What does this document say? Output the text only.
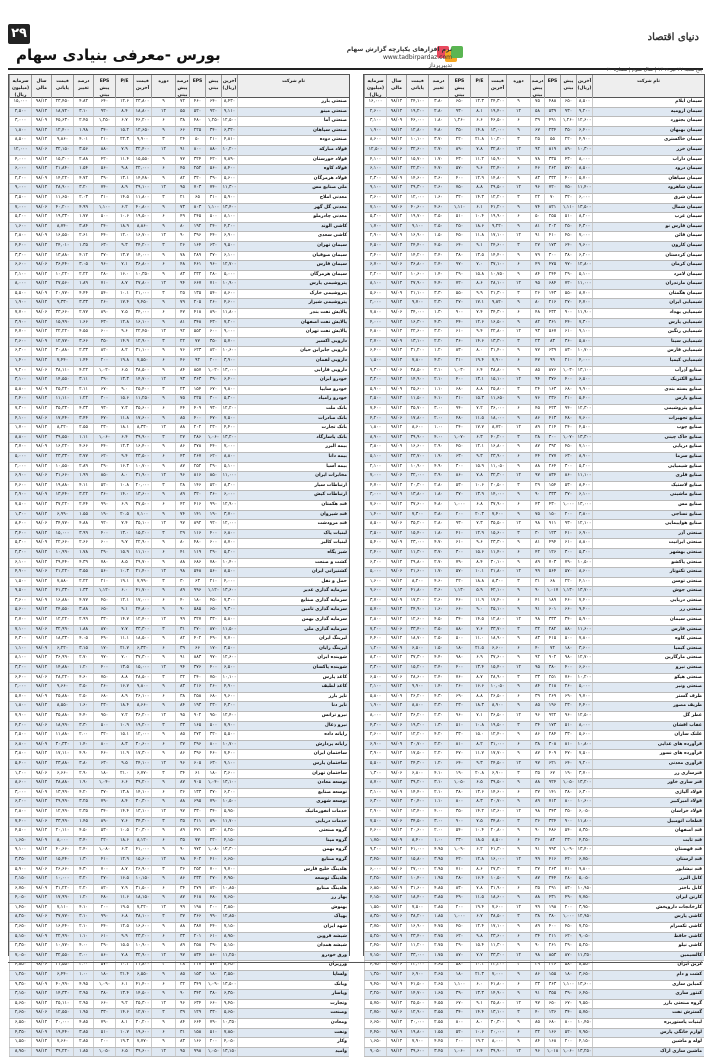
۲۹	دنیای اقتصاد
نرم افزارهای یکپارچه گزارش سهام
www.tadbirpardaz.com
تدبیرپرداز
بورس -معرفی بنیادی سهام
پنج شنبه ۲۷ تیر ۱۳۹۹ | سال سوم | شماره ۲۰
سرمایه (میلیون ریال)
سال مالی
قیمت پایانی
درصد تغییر
EPS پیش بینی
P/E	قیمت آخرین
دوره	درصد پیش بینی
EPS	پیش بینی
آخرین (ریال)
نام شرکت
۱۵,۰۰۰	۹۸/۱۲	۲۳,۴۵۰	۴.۸۲	۶۴۰	۱۲.۶	۲۳,۸۰۰	۹	۷۲	۴۶۰	۶۴۰	۸,۴۳۰	صنعتی بارز
۲,۵۰۰	۹۸/۱۲	۱۸,۷۲۰	۳.۱۰	۹۲۰	۸.۴	۱۸,۸۰۰	۱۲	۵۵	۵۲۰	۹۲۰	۹,۱۱۰	صنعتی مینو
۳,۰۰۰	۹۸/۰۹	۴۵,۶۳۰	۲.۴۵	۱,۲۵۰	۶.۷	۴۶,۲۰۰	۶	۳۸	۴۸۰	۱,۲۵۰ ۱۲,۵۰۰	صنعتی آما
۱,۸۰۰	۹۸/۱۲	۱۲,۴۰۰	۱.۹۸	۳۴۰	۱۵.۲	۱۲,۶۵۰	۹	۶۶	۲۲۵	۳۴۰	۶,۳۲۰	صنعتی سپاهان
۸,۵۰۰	۹۸/۱۲	۹,۸۶۰	۴.۰۱	۲۱۰	۲۲.۳	۹,۹۰۰	۳	۲۴	۵۰	۲۱۰	۴,۸۱۰	صنعتی دوده
۱۲,۰۰۰	۹۸/۰۶	۳۲,۱۵۰	۳.۵۶	۸۸۰	۷.۹	۳۲,۴۰۰	۱۲	۹۱	۸۰۰	۸۸۰	۱۰,۲۰۰	فولاد مبارکه
۴,۰۰۰	۹۸/۱۲	۱۵,۳۰۰	۲.۸۸	۴۲۰	۱۱.۴	۱۵,۵۵۰	۹	۷۷	۳۲۴	۴۲۰	۷,۸۹۰	فولاد خوزستان
۶,۰۰۰	۹۸/۱۲	۲۱,۸۴۰	۱.۵۴	۵۶۰	۹.۸	۲۲,۰۰۰	۶	۴۵	۲۵۲	۵۶۰	۸,۴۰۰	فولاد کاوه
۲,۲۰۰	۹۸/۰۹	۱۴,۲۲۰	۴.۷۲	۳۹۰	۱۳.۱	۱۴,۴۸۰	۹	۸۲	۳۲۰	۳۹۰	۵,۶۰۰	فولاد هرمزگان
۹,۰۰۰	۹۸/۱۲	۲۸,۹۰۰	۳.۲۰	۷۴۰	۸.۹	۲۹,۱۰۰	۱۲	۹۵	۷۰۳	۷۴۰	۱۱,۳۰۰	ملی صنایع مس
۳,۵۰۰	۹۸/۱۲	۱۱,۶۵۰	۲.۰۳	۳۱۰	۱۴.۵	۱۱,۸۰۰	۳	۲۱	۶۵	۳۱۰	۵,۹۰۰	معدنی املاح
۷,۰۰۰	۹۸/۰۶	۴۰,۲۰۰	۴.۹۹	۱,۱۰۰	۶.۲	۴۰,۸۰۰	۹	۷۳	۸۰۳	۱,۱۰۰ ۱۳,۴۰۰	معدنی گل گهر
۵,۲۰۰	۹۸/۱۲	۱۹,۳۳۰	۱.۷۷	۵۰۰	۱۰.۶	۱۹,۵۰۰	۶	۴۹	۲۴۵	۵۰۰	۸,۱۰۰	معدنی چادرملو
۱,۶۰۰	۹۸/۱۲	۸,۷۴۰	۳.۸۴	۲۴۰	۱۸.۹	۸,۸۶۰	۹	۸۰	۱۹۲	۲۴۰	۴,۲۰۰	کاشی الوند
۲,۸۰۰	۹۸/۰۹	۱۶,۵۵۰	۲.۶۱	۴۴۰	۱۲.۰	۱۶,۷۰۰	۱۲	۹۰	۳۹۶	۴۴۰	۶,۹۰۰	کاشی سعدی
۴,۴۰۰	۹۸/۱۲	۲۴,۰۱۰	۱.۳۵	۶۳۰	۹.۳	۲۴,۲۰۰	۳	۲۶	۱۶۴	۶۳۰	۹,۵۰۰	سیمان تهران
۳,۳۰۰	۹۸/۱۲	۱۳,۸۸۰	۴.۱۲	۳۷۰	۱۳.۷	۱۴,۰۰۰	۹	۷۸	۲۸۹	۳۷۰	۶,۱۰۰	سیمان صوفیان
۶,۶۰۰	۹۸/۰۶	۳۶,۴۴۰	۳.۰۵	۹۶۰	۷.۱	۳۶,۸۰۰	۶	۴۸	۴۶۱	۹۶۰	۱۲,۷۰۰	سیمان فارس
۲,۱۰۰	۹۸/۱۲	۱۰,۲۲۰	۲.۲۲	۲۸۰	۱۶.۰	۱۰,۳۵۰	۹	۸۳	۲۳۲	۲۸۰	۵,۰۰۰	سیمان هرمزگان
۸,۰۰۰	۹۸/۱۲	۲۷,۵۶۰	۱.۸۹	۷۱۰	۸.۷	۲۷,۸۰۰	۱۲	۹۴	۶۶۷	۷۱۰	۱۰,۹۰۰	پتروشیمی پارس
۵,۵۰۰	۹۸/۰۹	۲۰,۷۷۰	۴.۴۴	۵۴۰	۱۰.۱	۲۱,۰۰۰	۳	۲۵	۱۳۵	۵۴۰	۸,۶۰۰	پتروشیمی خارک
۱,۹۰۰	۹۸/۱۲	۹,۳۳۰	۳.۳۳	۲۶۰	۱۷.۴	۹,۴۵۰	۹	۷۹	۲۰۵	۲۶۰	۴,۶۰۰	پتروشیمی شیراز
۷,۷۰۰	۹۸/۰۶	۳۳,۶۶۰	۲.۷۷	۸۹۰	۷.۵	۳۴,۰۰۰	۶	۴۷	۴۱۸	۸۹۰	۱۱,۸۰۰	پالایش نفت بندر
۳,۹۰۰	۹۸/۱۲	۱۵,۹۹۰	۱.۶۶	۴۳۰	۱۲.۸	۱۶,۱۰۰	۹	۸۱	۳۴۸	۴۳۰	۷,۲۰۰	پالایش نفت اصفهان
۴,۷۰۰	۹۸/۱۲	۲۲,۲۲۰	۴.۵۵	۶۰۰	۹.۶	۲۲,۴۵۰	۱۲	۹۲	۵۵۲	۶۰۰	۹,۰۰۰	پالایش نفت تهران
۲,۶۰۰	۹۸/۰۹	۱۲,۷۷۰	۳.۶۶	۳۵۰	۱۴.۹	۱۲,۹۰۰	۳	۲۲	۷۷	۳۵۰	۵,۷۰۰	دارویی اکسیر
۶,۳۰۰	۹۸/۱۲	۳۰,۸۸۰	۲.۳۳	۸۲۰	۸.۲	۳۱,۱۰۰	۹	۷۶	۶۲۳	۸۲۰	۱۰,۶۰۰	دارویی جابرابن حیان
۱,۴۰۰	۹۸/۱۲	۷,۴۴۰	۱.۴۴	۲۰۰	۱۹.۸	۷,۵۵۰	۶	۴۶	۹۲	۲۰۰	۳,۹۰۰	دارویی لقمان
۹,۲۰۰	۹۸/۰۶	۳۸,۱۱۰	۴.۲۲	۱,۰۲۰	۶.۵	۳۸,۵۰۰	۹	۸۴	۸۵۷	۱,۰۲۰ ۱۳,۰۰۰	دارویی فارابی
۳,۱۰۰	۹۸/۱۲	۱۴,۵۵۰	۳.۱۱	۳۹۰	۱۳.۳	۱۴,۷۰۰	۱۲	۹۳	۳۶۳	۳۹۰	۶,۴۰۰	خودرو ایران
۵,۸۰۰	۹۸/۰۹	۲۵,۲۲۰	۲.۱۱	۶۷۰	۹.۰	۲۵,۴۰۰	۳	۲۳	۱۵۴	۶۷۰	۹,۸۰۰	خودرو سایپا
۲,۴۰۰	۹۸/۱۲	۱۱,۱۱۰	۱.۲۲	۳۰۰	۱۵.۶	۱۱,۲۵۰	۹	۷۵	۲۲۵	۳۰۰	۵,۳۰۰	خودرو زامیاد
۷,۳۰۰	۹۸/۱۲	۳۵,۳۳۰	۴.۳۳	۹۳۰	۷.۳	۳۵,۶۰۰	۶	۴۴	۴۰۹	۹۳۰	۱۲,۲۰۰	بانک ملت
۴,۱۰۰	۹۸/۰۶	۱۷,۴۴۰	۳.۴۴	۴۷۰	۱۱.۸	۱۷,۶۰۰	۹	۸۵	۴۰۰	۴۷۰	۷,۵۰۰	بانک صادرات
۱,۷۰۰	۹۸/۱۲	۸,۲۲۰	۲.۵۵	۲۳۰	۱۸.۱	۸,۳۳۰	۱۲	۸۸	۲۰۲	۲۳۰	۴,۴۰۰	بانک تجارت
۸,۸۰۰	۹۸/۱۲	۳۹,۵۵۰	۱.۱۱	۱,۰۶۰	۶.۴	۳۹,۹۰۰	۳	۲۷	۲۸۶	۱,۰۶۰ ۱۳,۲۰۰	بانک پاسارگاد
۳,۷۰۰	۹۸/۰۹	۱۶,۲۲۰	۴.۶۶	۴۴۰	۱۲.۳	۱۶,۴۰۰	۹	۸۶	۳۷۸	۴۴۰	۷,۰۰۰	بیمه البرز
۵,۰۰۰	۹۸/۱۲	۲۳,۳۳۰	۳.۷۷	۶۲۰	۹.۴	۲۳,۵۰۰	۶	۴۳	۲۶۷	۶۲۰	۸,۸۰۰	بیمه دانا
۲,۰۰۰	۹۸/۱۲	۱۰,۵۵۰	۲.۸۹	۲۹۰	۱۶.۳	۱۰,۷۰۰	۹	۸۷	۲۵۲	۲۹۰	۵,۱۰۰	بیمه آسیا
۶,۹۰۰	۹۸/۰۶	۳۱,۶۶۰	۱.۹۹	۸۵۰	۸.۰	۳۱,۹۰۰	۱۲	۹۶	۸۱۶	۸۵۰	۱۱,۰۰۰	مخابرات ایران
۴,۶۰۰	۹۸/۱۲	۱۹,۸۸۰	۴.۱۱	۵۲۰	۱۰.۸	۲۰,۰۰۰	۳	۲۸	۱۴۶	۵۲۰	۸,۳۰۰	ارتباطات سیار
۲,۹۰۰	۹۸/۰۹	۱۳,۴۴۰	۳.۲۲	۳۶۰	۱۴.۰	۱۳,۶۰۰	۹	۸۹	۳۲۰	۳۶۰	۶,۰۰۰	ارتباطات کیش
۷,۵۰۰	۹۸/۱۲	۳۷,۲۲۰	۲.۴۴	۹۹۰	۶.۹	۳۷,۵۰۰	۶	۴۲	۴۱۶	۹۹۰	۱۲,۹۰۰	قند هکمتان
۱,۳۰۰	۹۸/۱۲	۶,۹۹۰	۱.۵۵	۱۹۰	۲۰.۵	۷,۱۰۰	۹	۷۴	۱۴۱	۱۹۰	۳,۷۰۰	قند شیروان
۸,۴۰۰	۹۸/۰۶	۳۴,۷۷۰	۴.۸۸	۹۲۰	۷.۴	۳۵,۱۰۰	۱۲	۹۷	۸۹۲	۹۲۰	۱۲,۰۰۰	قند مرودشت
۳,۴۰۰	۹۸/۱۲	۱۵,۰۰۰	۳.۹۹	۴۰۰	۱۳.۰	۱۵,۲۰۰	۳	۲۹	۱۱۶	۴۰۰	۶,۸۰۰	لبنیات پاک
۵,۳۰۰	۹۸/۰۹	۲۲,۶۶۰	۲.۶۶	۶۰۰	۹.۷	۲۲,۹۰۰	۹	۸۰	۴۸۰	۶۰۰	۸,۷۰۰	لبنیات کالبر
۲,۳۰۰	۹۸/۱۲	۱۰,۹۹۰	۱.۷۸	۲۹۰	۱۵.۹	۱۱,۱۰۰	۶	۴۱	۱۱۹	۲۹۰	۵,۲۰۰	شیر پگاه
۶,۱۰۰	۹۸/۱۲	۲۹,۴۴۰	۴.۳۹	۷۸۰	۸.۵	۲۹,۷۰۰	۹	۸۸	۶۸۶	۷۸۰	۱۰,۴۰۰	کشت و صنعت
۴,۹۰۰	۹۸/۰۶	۲۱,۲۲۰	۳.۵۵	۵۶۰	۱۰.۳	۲۱,۴۰۰	۱۲	۹۸	۵۴۸	۵۶۰	۸,۵۰۰	کشتیرانی ایران
۱,۵۰۰	۹۸/۱۲	۷,۸۸۰	۲.۲۲	۲۱۰	۱۹.۱	۷,۹۹۰	۳	۳۰	۶۳	۲۱۰	۴,۰۰۰	حمل و نقل
۹,۵۰۰	۹۸/۱۲	۴۱,۳۳۰	۱.۳۳	۱,۱۲۰	۶.۰	۴۱,۷۰۰	۹	۸۹	۹۹۶	۱,۱۲۰ ۱۳,۶۰۰	سرمایه گذاری غدیر
۳,۶۰۰	۹۸/۰۹	۱۶,۸۸۰	۴.۷۷	۴۵۰	۱۲.۱	۱۷,۰۰۰	۶	۴۰	۱۸۰	۴۵۰	۷,۳۰۰	سرمایه گذاری صنایع
۵,۶۰۰	۹۸/۱۲	۲۴,۵۵۰	۳.۸۸	۶۵۰	۹.۱	۲۴,۸۰۰	۹	۹۰	۵۸۵	۶۵۰	۹,۳۰۰	سرمایه گذاری تامین
۲,۷۰۰	۹۸/۱۲	۱۲,۲۲۰	۲.۹۹	۳۳۰	۱۴.۷	۱۲,۴۰۰	۱۲	۹۹	۳۲۷	۳۳۰	۵,۸۰۰	سرمایه گذاری بهمن
۷,۱۰۰	۹۸/۰۶	۳۲,۹۹۰	۱.۸۸	۸۷۰	۷.۷	۳۳,۳۰۰	۳	۳۱	۲۷۰	۸۷۰	۱۱,۵۰۰	سرمایه گذاری ملی
۴,۳۰۰	۹۸/۱۲	۱۸,۳۳۰	۴.۰۵	۴۹۰	۱۱.۱	۱۸,۵۰۰	۹	۸۲	۴۰۲	۴۹۰	۷,۷۰۰	لیزینگ ایران
۱,۱۰۰	۹۸/۰۹	۶,۲۲۰	۳.۱۵	۱۷۰	۲۱.۷	۶,۳۳۰	۶	۳۹	۶۶	۱۷۰	۳,۵۰۰	لیزینگ رایان
۸,۱۰۰	۹۸/۱۲	۳۶,۹۹۰	۲.۷۰	۹۷۰	۷.۰	۳۷,۳۰۰	۹	۹۱	۸۸۳	۹۷۰	۱۲,۶۰۰	شوینده ایران
۳,۲۰۰	۹۸/۱۲	۱۴,۸۸۰	۱.۲۰	۴۰۰	۱۳.۵	۱۵,۰۰۰	۱۲	۹۴	۳۷۶	۴۰۰	۶,۵۰۰	شوینده پاکسان
۶,۴۰۰	۹۸/۰۶	۲۸,۲۲۰	۴.۶۰	۷۵۰	۸.۸	۲۸,۵۰۰	۳	۳۲	۲۴۰	۷۵۰	۱۰,۱۰۰	کاغذ پارس
۲,۰۰۰	۹۸/۱۲	۹,۶۶۰	۳.۵۰	۲۶۰	۱۶.۷	۹,۸۰۰	۹	۸۳	۲۱۶	۲۶۰	۴,۹۰۰	کاغذ لطیف
۵,۷۰۰	۹۸/۰۹	۲۵,۸۸۰	۲.۵۰	۶۸۰	۸.۹	۲۶,۱۰۰	۶	۳۸	۲۵۸	۶۸۰	۹,۶۰۰	تایر بارز
۱,۸۰۰	۹۸/۱۲	۸,۵۵۰	۱.۶۰	۲۳۰	۱۸.۴	۸,۶۶۰	۹	۸۴	۱۹۳	۲۳۰	۴,۳۰۰	تایر دنا
۷,۹۰۰	۹۸/۱۲	۳۵,۸۸۰	۴.۴۰	۹۵۰	۷.۲	۳۶,۲۰۰	۱۲	۹۵	۹۰۲	۹۵۰	۱۲,۴۰۰	نیرو ترانس
۴,۲۰۰	۹۸/۰۶	۱۸,۹۹۰	۳.۳۰	۵۰۰	۱۰.۹	۱۹,۲۰۰	۳	۳۳	۱۶۵	۵۰۰	۷,۹۰۰	نیرو ذغال
۲,۵۰۰	۹۸/۱۲	۱۱,۸۸۰	۲.۰۰	۳۲۰	۱۵.۱	۱۲,۰۰۰	۹	۸۵	۲۷۲	۳۲۰	۵,۵۰۰	رایانه داده
۶,۸۰۰	۹۸/۰۹	۳۰,۳۳۰	۱.۴۰	۸۰۰	۸.۳	۳۰,۶۰۰	۶	۳۷	۲۹۶	۸۰۰	۱۰,۷۰۰	رایانه پردازش
۳,۸۰۰	۹۸/۱۲	۱۷,۱۱۰	۴.۹۰	۴۶۰	۱۱.۹	۱۷,۳۰۰	۹	۸۶	۳۹۶	۴۶۰	۷,۴۰۰	ساختمان ایران
۵,۴۰۰	۹۸/۱۲	۲۳,۸۸۰	۳.۸۰	۶۳۰	۹.۵	۲۴,۱۰۰	۱۲	۹۶	۶۰۵	۶۳۰	۹,۱۰۰	ساختمان پارس
۱,۲۰۰	۹۸/۰۶	۶,۶۶۰	۲.۹۰	۱۸۰	۲۱.۰	۶,۷۷۰	۳	۳۴	۶۱	۱۸۰	۳,۶۰۰	ساختمان تهران
۸,۶۰۰	۹۸/۱۲	۳۸,۸۸۰	۱.۹۰	۱,۰۴۰	۶.۶	۳۹,۲۰۰	۹	۸۷	۹۰۵	۱,۰۴۰ ۱۳,۱۰۰	توسعه معادن
۳,۰۰۰	۹۸/۰۹	۱۳,۹۹۰	۴.۲۰	۳۷۰	۱۳.۸	۱۴,۱۰۰	۶	۳۶	۱۳۳	۳۷۰	۶,۲۰۰	توسعه صنایع
۶,۲۰۰	۹۸/۱۲	۲۹,۹۹۰	۳.۲۵	۷۹۰	۸.۴	۳۰,۳۰۰	۹	۸۸	۶۹۵	۷۹۰	۱۰,۵۰۰	توسعه شهری
۲,۸۰۰	۹۸/۱۲	۱۲,۹۹۰	۲.۳۵	۳۴۰	۱۴.۴	۱۳,۱۰۰	۱۲	۹۷	۳۳۰	۳۴۰	۵,۹۵۰	خدمات انفورماتیک
۷,۴۰۰	۹۸/۰۶	۳۳,۹۹۰	۱.۴۵	۸۹۰	۷.۶	۳۴,۳۰۰	۳	۳۵	۳۱۱	۸۹۰	۱۱,۷۰۰	خدمات دریایی
۴,۵۰۰	۹۸/۱۲	۲۰,۱۱۰	۴.۵۰	۵۳۰	۱۰.۵	۲۰,۳۰۰	۹	۸۹	۴۷۱	۵۳۰	۸,۲۵۰	گروه صنعتی
۱,۶۵۰	۹۸/۰۹	۸,۰۰۰	۳.۴۰	۲۲۰	۱۸.۶	۸,۱۲۰	۶	۳۵	۷۷	۲۲۰	۴,۱۵۰	گروه مپنا
۹,۱۰۰	۹۸/۱۲	۴۰,۶۶۰	۲.۴۰	۱,۰۸۰	۶.۳	۴۱,۰۰۰	۹	۹۰	۹۷۲	۱,۰۸۰ ۱۳,۳۰۰	گروه بهمن
۳,۳۵۰	۹۸/۱۲	۱۵,۴۴۰	۱.۳۰	۴۱۰	۱۲.۹	۱۵,۶۰۰	۱۲	۹۸	۴۰۲	۴۱۰	۶,۶۵۰	گروه صنایع
۵,۹۰۰	۹۸/۰۶	۲۶,۶۶۰	۴.۳۰	۷۰۰	۸.۷	۲۶,۹۰۰	۳	۳۶	۲۵۲	۷۰۰	۹,۷۰۰	هلدینگ خلیج فارس
۲,۱۵۰	۹۸/۱۲	۱۰,۰۰۰	۳.۲۰	۲۷۰	۱۶.۵	۱۰,۱۵۰	۹	۸۶	۲۳۲	۲۷۰	۴,۹۵۰	هلدینگ توسعه
۶,۷۵۰	۹۸/۰۹	۳۱,۲۲۰	۲.۲۰	۸۲۰	۷.۹	۳۱,۵۰۰	۶	۳۴	۲۷۹	۸۲۰	۱۰,۸۵۰	هلدینگ صنایع
۴,۰۵۰	۹۸/۱۲	۱۷,۹۹۰	۱.۲۰	۴۸۰	۱۱.۶	۱۸,۱۵۰	۹	۸۷	۴۱۸	۴۸۰	۷,۶۵۰	بهار رز
۱,۴۵۰	۹۸/۱۲	۷,۱۱۰	۴.۱۰	۲۰۰	۱۹.۵	۷,۲۲۰	۱۲	۹۹	۱۹۸	۲۰۰	۳,۸۵۰	بهنوش
۸,۲۵۰	۹۸/۰۶	۳۷,۷۷۰	۳.۱۰	۹۹۰	۶.۸	۳۸,۱۰۰	۳	۳۷	۳۶۶	۹۹۰	۱۲,۸۵۰	بهپاک
۳,۶۵۰	۹۸/۱۲	۱۶,۴۴۰	۲.۱۰	۴۴۰	۱۲.۵	۱۶,۶۰۰	۹	۸۸	۳۸۷	۴۴۰	۷,۱۵۰	شهد ایران
۵,۱۵۰	۹۸/۰۹	۲۲,۹۹۰	۱.۱۰	۶۱۰	۹.۹	۲۳,۲۰۰	۶	۳۳	۲۰۱	۶۱۰	۸,۹۵۰	شیشه قزوین
۲,۳۵۰	۹۸/۱۲	۱۰,۷۷۰	۴.۰۰	۲۹۰	۱۵.۵	۱۰,۹۰۰	۹	۸۹	۲۵۸	۲۹۰	۵,۱۵۰	شیشه همدان
۷,۰۵۰	۹۸/۱۲	۳۲,۵۵۰	۳.۰۰	۸۶۰	۷.۸	۳۲,۹۰۰	۱۲	۹۷	۸۳۴	۸۶۰	۱۱,۲۵۰	ورق خودرو
۴,۸۵۰	۹۸/۰۶	۲۱,۵۵۰	۲.۰۰	۵۷۰	۱۰.۲	۲۱,۸۰۰	۳	۳۸	۲۱۷	۵۷۰	۸,۴۵۰	ورزیران
۱,۲۵۰	۹۸/۱۲	۶,۴۴۰	۱.۰۰	۱۸۰	۲۱.۴	۶,۵۵۰	۹	۸۵	۱۵۳	۱۸۰	۳,۵۵۰	ولساپا
۹,۳۵۰	۹۸/۰۹	۴۰,۹۹۰	۴.۹۵	۱,۰۹۰	۶.۱	۴۱,۴۰۰	۶	۳۲	۳۴۹	۱,۰۹۰ ۱۳,۵۰۰	وبانک
۳,۱۵۰	۹۸/۱۲	۱۴,۳۳۰	۳.۹۵	۳۸۰	۱۳.۴	۱۴,۵۰۰	۹	۹۰	۳۴۲	۳۸۰	۶,۳۵۰	وپاسار
۵,۶۵۰	۹۸/۱۲	۲۵,۱۱۰	۲.۹۵	۶۶۰	۹.۲	۲۵,۳۰۰	۱۲	۹۶	۶۳۴	۶۶۰	۹,۴۵۰	وتجارت
۲,۶۵۰	۹۸/۰۶	۱۲,۵۵۰	۱.۹۵	۳۳۰	۱۴.۶	۱۲,۷۰۰	۳	۳۹	۱۲۹	۳۳۰	۵,۶۵۰	وصنعت
۶,۵۵۰	۹۸/۱۲	۳۰,۰۰۰	۴.۸۵	۷۹۰	۸.۱	۳۰,۲۰۰	۹	۸۴	۶۶۴	۷۹۰	۱۰,۳۵۰	ومعادن
۴,۳۵۰	۹۸/۰۹	۱۹,۴۴۰	۳.۸۵	۵۱۰	۱۰.۷	۱۹,۶۰۰	۶	۳۱	۱۵۸	۵۱۰	۷,۸۵۰	ونفت
۱,۵۵۰	۹۸/۱۲	۷,۶۶۰	۲.۸۵	۲۰۰	۱۹.۳	۷,۷۷۰	۹	۸۳	۱۶۶	۲۰۰	۴,۰۵۰	وکار
۸,۹۵۰	۹۸/۱۲	۳۹,۲۲۰	۱.۸۵	۱,۰۵۰	۶.۵	۳۹,۶۰۰	۱۲	۹۵	۹۹۸	۱,۰۵۰ ۱۳,۱۵۰	وامید
سرمایه (میلیون ریال)
سال مالی
قیمت پایانی
درصد تغییر
EPS پیش بینی
P/E	قیمت آخرین
دوره	درصد پیش بینی
EPS	پیش بینی
آخرین (ریال)
نام شرکت
۱۶,۰۰۰	۹۸/۱۲	۲۴,۱۰۰	۳.۸۰	۶۵۰	۱۲.۳	۲۴,۳۰۰	۹	۷۵	۴۸۸	۶۵۰	۸,۵۰۰	سیمان ایلام
۲,۶۰۰	۹۸/۱۲	۱۹,۲۰۰	۲.۸۰	۹۳۰	۸.۱	۱۹,۴۰۰	۱۲	۵۸	۵۳۹	۹۳۰	۹,۲۰۰	سیمان ارومیه
۳,۱۰۰	۹۸/۰۹	۴۶,۰۰۰	۱.۸۰	۱,۲۶۰	۶.۶	۴۶,۵۰۰	۶	۳۹	۴۹۱	۱,۲۶۰ ۱۲,۶۰۰	سیمان بجنورد
۱,۹۰۰	۹۸/۱۲	۱۲,۸۰۰	۴.۸۰	۳۵۰	۱۴.۸	۱۳,۰۰۰	۹	۶۷	۲۳۴	۳۵۰	۶,۴۰۰	سیمان بهبهان
۸,۶۰۰	۹۸/۱۲	۱۰,۱۰۰	۳.۷۰	۲۲۰	۲۱.۸	۱۰,۲۰۰	۳	۲۵	۵۵	۲۲۰	۴,۹۰۰	سیمان خاکستری
۱۲,۵۰۰	۹۸/۰۶	۳۲,۶۰۰	۲.۷۰	۸۹۰	۷.۸	۳۲,۸۰۰	۱۲	۹۲	۸۱۹	۸۹۰	۱۰,۳۰۰	سیمان خزر
۴,۱۰۰	۹۸/۱۲	۱۵,۷۰۰	۱.۷۰	۴۳۰	۱۱.۲	۱۵,۹۰۰	۹	۷۸	۳۳۵	۴۳۰	۸,۰۰۰	سیمان داراب
۶,۱۰۰	۹۸/۱۲	۲۲,۲۰۰	۴.۷۰	۵۷۰	۹.۶	۲۲,۴۰۰	۶	۴۶	۲۶۲	۵۷۰	۸,۵۰۰	سیمان درود
۲,۳۰۰	۹۸/۰۹	۱۴,۶۰۰	۳.۶۰	۴۰۰	۱۲.۹	۱۴,۸۰۰	۹	۸۳	۳۳۲	۴۰۰	۵,۷۰۰	سیمان سپاهان
۹,۱۰۰	۹۸/۱۲	۲۹,۳۰۰	۲.۶۰	۷۵۰	۸.۸	۲۹,۵۰۰	۱۲	۹۶	۷۲۰	۷۵۰	۱۱,۴۰۰	سیمان شاهرود
۳,۶۰۰	۹۸/۱۲	۱۲,۰۰۰	۱.۶۰	۳۲۰	۱۴.۳	۱۲,۲۰۰	۳	۲۲	۷۰	۳۲۰	۶,۰۰۰	سیمان شرق
۷,۱۰۰	۹۸/۰۶	۴۰,۶۰۰	۴.۶۰	۱,۱۱۰	۶.۱	۴۱,۲۰۰	۹	۷۴	۸۲۱	۱,۱۱۰ ۱۳,۵۰۰	سیمان شمال
۵,۳۰۰	۹۸/۱۲	۱۹,۷۰۰	۳.۵۰	۵۱۰	۱۰.۴	۱۹,۹۰۰	۶	۵۰	۲۵۵	۵۱۰	۸,۲۰۰	سیمان غرب
۱,۷۰۰	۹۸/۱۲	۹,۱۰۰	۲.۵۰	۲۵۰	۱۸.۶	۹,۲۲۰	۹	۸۱	۲۰۲	۲۵۰	۴,۳۰۰	سیمان فارس نو
۲,۹۰۰	۹۸/۰۹	۱۶,۹۰۰	۱.۵۰	۴۵۰	۱۱.۸	۱۷,۱۰۰	۱۲	۹۱	۴۱۰	۴۵۰	۷,۰۰۰	سیمان قائن
۴,۵۰۰	۹۸/۱۲	۲۴,۴۰۰	۴.۵۰	۶۴۰	۹.۱	۲۴,۶۰۰	۳	۲۷	۱۷۳	۶۴۰	۹,۶۰۰	سیمان کارون
۳,۴۰۰	۹۸/۱۲	۱۴,۲۰۰	۳.۴۰	۳۸۰	۱۳.۵	۱۴,۴۰۰	۹	۷۹	۳۰۰	۳۸۰	۶,۲۰۰	سیمان کردستان
۶,۷۰۰	۹۸/۰۶	۳۶,۸۰۰	۲.۴۰	۹۷۰	۷.۰	۳۷,۱۰۰	۶	۴۹	۴۷۵	۹۷۰	۱۲,۸۰۰	سیمان کرمان
۲,۲۰۰	۹۸/۱۲	۱۰,۶۰۰	۱.۴۰	۲۹۰	۱۵.۸	۱۰,۷۵۰	۹	۸۴	۲۴۴	۲۹۰	۵,۱۰۰	سیمان لامرد
۸,۱۰۰	۹۸/۱۲	۲۷,۹۰۰	۴.۴۰	۷۲۰	۸.۶	۲۸,۱۰۰	۱۲	۹۵	۶۸۴	۷۲۰	۱۱,۰۰۰	سیمان مازندران
۵,۶۰۰	۹۸/۰۹	۲۱,۱۰۰	۳.۳۰	۵۵۰	۹.۹	۲۱,۳۰۰	۳	۲۶	۱۴۳	۵۵۰	۸,۷۰۰	سیمان هگمتان
۲,۰۰۰	۹۸/۱۲	۹,۷۰۰	۲.۳۰	۲۷۰	۱۷.۱	۹,۸۲۰	۹	۸۰	۲۱۶	۲۷۰	۴,۷۰۰	شیمیایی ایران
۷,۸۰۰	۹۸/۰۶	۳۴,۰۰۰	۱.۳۰	۹۰۰	۷.۴	۳۴,۳۰۰	۶	۴۸	۴۳۲	۹۰۰	۱۱,۹۰۰	شیمیایی بهداد
۴,۰۰۰	۹۸/۱۲	۱۶,۳۰۰	۴.۳۰	۴۴۰	۱۲.۶	۱۶,۵۰۰	۹	۸۲	۳۶۱	۴۴۰	۷,۳۰۰	شیمیایی پارس
۴,۸۰۰	۹۸/۱۲	۲۲,۶۰۰	۳.۲۰	۶۱۰	۹.۴	۲۲,۸۰۰	۱۲	۹۳	۵۶۷	۶۱۰	۹,۱۰۰	شیمیایی رنگین
۲,۷۰۰	۹۸/۰۹	۱۳,۱۰۰	۲.۲۰	۳۶۰	۱۴.۶	۱۳,۳۰۰	۳	۲۳	۸۳	۳۶۰	۵,۸۰۰	شیمیایی سینا
۶,۴۰۰	۹۸/۱۲	۳۱,۲۰۰	۱.۲۰	۸۳۰	۸.۰	۳۱,۴۰۰	۹	۷۷	۶۳۹	۸۳۰	۱۰,۷۰۰	شیمیایی فارس
۱,۵۰۰	۹۸/۱۲	۷,۸۰۰	۴.۲۰	۲۱۰	۱۹.۴	۷,۹۰۰	۶	۴۷	۹۹	۲۱۰	۴,۰۰۰	شیمیایی کیمیا
۹,۳۰۰	۹۸/۰۶	۳۸,۵۰۰	۳.۱۰	۱,۰۳۰	۶.۴	۳۸,۸۰۰	۹	۸۵	۸۷۶	۱,۰۳۰ ۱۳,۱۰۰	صنایع آذرآب
۳,۲۰۰	۹۸/۱۲	۱۴,۹۰۰	۲.۱۰	۴۰۰	۱۳.۱	۱۵,۱۰۰	۱۲	۹۴	۳۷۶	۴۰۰	۶,۵۰۰	صنایع الکتریک
۵,۹۰۰	۹۸/۰۹	۲۵,۶۰۰	۱.۱۰	۶۸۰	۸.۸	۲۵,۸۰۰	۳	۲۴	۱۶۳	۶۸۰	۹,۹۰۰	صنایع بسته بندی
۲,۵۰۰	۹۸/۱۲	۱۱,۵۰۰	۴.۱۰	۳۱۰	۱۵.۳	۱۱,۶۵۰	۹	۷۶	۲۳۶	۳۱۰	۵,۴۰۰	صنایع پارس
۷,۴۰۰	۹۸/۱۲	۳۵,۷۰۰	۳.۰۰	۹۴۰	۷.۲	۳۶,۰۰۰	۶	۴۵	۴۲۳	۹۴۰	۱۲,۳۰۰	صنایع پتروشیمی
۴,۲۰۰	۹۸/۰۶	۱۷,۸۰۰	۲.۰۰	۴۸۰	۱۱.۵	۱۸,۰۰۰	۹	۸۶	۴۱۳	۴۸۰	۷,۶۰۰	صنایع تجهیزات
۱,۸۰۰	۹۸/۱۲	۸,۶۰۰	۱.۰۰	۲۴۰	۱۷.۷	۸,۷۲۰	۱۲	۸۹	۲۱۴	۲۴۰	۴,۵۰۰	صنایع چوب
۸,۹۰۰	۹۸/۱۲	۳۹,۹۰۰	۴.۰۰	۱,۰۷۰	۶.۳	۴۰,۲۰۰	۳	۲۸	۳۰۰	۱,۰۷۰ ۱۳,۳۰۰	صنایع خاک چینی
۳,۸۰۰	۹۸/۰۹	۱۶,۶۰۰	۲.۹۰	۴۵۰	۱۲.۱	۱۶,۸۰۰	۹	۸۷	۳۹۲	۴۵۰	۷,۱۰۰	صنایع دریایی
۵,۱۰۰	۹۸/۱۲	۲۳,۷۰۰	۱.۹۰	۶۳۰	۹.۳	۲۳,۹۰۰	۶	۴۴	۲۷۷	۶۳۰	۸,۹۰۰	صنایع سرما
۲,۱۰۰	۹۸/۱۲	۱۰,۹۰۰	۴.۹۰	۳۰۰	۱۵.۹	۱۱,۰۵۰	۹	۸۸	۲۶۴	۳۰۰	۵,۲۰۰	صنایع شیمیایی
۷,۰۰۰	۹۸/۰۶	۳۲,۰۰۰	۳.۹۰	۸۶۰	۷.۸	۳۲,۳۰۰	۱۲	۹۷	۸۳۴	۸۶۰	۱۱,۱۰۰	صنایع فلزی
۴,۷۰۰	۹۸/۱۲	۲۰,۳۰۰	۲.۸۰	۵۳۰	۱۰.۶	۲۰,۵۰۰	۳	۲۹	۱۵۴	۵۳۰	۸,۴۰۰	صنایع لاستیک
۳,۰۰۰	۹۸/۰۹	۱۳,۸۰۰	۱.۸۰	۳۷۰	۱۳.۹	۱۴,۰۰۰	۹	۹۰	۳۳۳	۳۷۰	۶,۱۰۰	صنایع ماشینی
۷,۶۰۰	۹۸/۱۲	۳۷,۶۰۰	۴.۸۰	۱,۰۰۰	۶.۸	۳۷,۹۰۰	۶	۴۳	۴۳۰	۱,۰۰۰ ۱۳,۰۰۰	صنایع مس
۱,۴۰۰	۹۸/۱۲	۷,۳۰۰	۳.۸۰	۲۰۰	۲۰.۳	۷,۴۰۰	۹	۷۵	۱۵۰	۲۰۰	۳,۸۰۰	صنایع نساجی
۸,۵۰۰	۹۸/۰۶	۳۵,۲۰۰	۲.۸۰	۹۳۰	۷.۳	۳۵,۵۰۰	۱۲	۹۸	۹۱۱	۹۳۰	۱۲,۱۰۰	صنایع هواپیمایی
۳,۵۰۰	۹۸/۱۲	۱۵,۴۰۰	۱.۸۰	۴۱۰	۱۲.۹	۱۵,۶۰۰	۳	۳۰	۱۲۳	۴۱۰	۶,۹۰۰	صنعتی آذر
۵,۴۰۰	۹۸/۰۹	۲۳,۰۰۰	۴.۷۰	۶۱۰	۹.۶	۲۳,۳۰۰	۹	۸۱	۴۹۴	۶۱۰	۸,۸۰۰	صنعتی ایرانیت
۲,۴۰۰	۹۸/۱۲	۱۱,۳۰۰	۳.۷۰	۳۰۰	۱۵.۶	۱۱,۴۰۰	۶	۴۲	۱۲۶	۳۰۰	۵,۳۰۰	صنعتی بهشهر
۶,۲۰۰	۹۸/۱۲	۲۹,۸۰۰	۲.۷۰	۷۹۰	۸.۴	۳۰,۱۰۰	۹	۸۹	۷۰۳	۷۹۰	۱۰,۵۰۰	صنعتی پاکشو
۵,۰۰۰	۹۸/۰۶	۲۱,۶۰۰	۱.۷۰	۵۷۰	۱۰.۱	۲۱,۸۰۰	۱۲	۹۹	۵۶۴	۵۷۰	۸,۶۰۰	صنعتی تکنوتار
۱,۶۰۰	۹۸/۱۲	۸,۲۰۰	۴.۶۰	۲۲۰	۱۸.۸	۸,۳۰۰	۳	۳۱	۶۸	۲۲۰	۴,۱۰۰	صنعتی توسن
۹,۶۰۰	۹۸/۱۲	۴۱,۸۰۰	۳.۶۰	۱,۱۳۰	۵.۹	۴۲,۱۰۰	۹	۹۰	۱,۰۱۷	۱,۱۳۰ ۱۳,۷۰۰	صنعتی جوش
۳,۷۰۰	۹۸/۰۹	۱۷,۲۰۰	۲.۶۰	۴۶۰	۱۱.۹	۱۷,۴۰۰	۶	۴۱	۱۸۹	۴۶۰	۷,۴۰۰	صنعتی دریایی
۵,۷۰۰	۹۸/۱۲	۲۴,۹۰۰	۱.۶۰	۶۶۰	۹.۰	۲۵,۱۰۰	۹	۹۱	۶۰۱	۶۶۰	۹,۴۰۰	صنعتی زر
۲,۸۰۰	۹۸/۱۲	۱۲,۶۰۰	۴.۵۰	۳۴۰	۱۴.۵	۱۲,۸۰۰	۱۲	۹۸	۳۳۳	۳۴۰	۵,۹۰۰	صنعتی سیمان
۷,۲۰۰	۹۸/۰۶	۳۳,۴۰۰	۳.۵۰	۸۸۰	۷.۶	۳۳,۷۰۰	۳	۳۲	۲۸۲	۸۸۰	۱۱,۶۰۰	صنعتی فارس
۴,۴۰۰	۹۸/۱۲	۱۸,۷۰۰	۲.۵۰	۵۰۰	۱۱.۰	۱۸,۹۰۰	۹	۸۳	۴۱۵	۵۰۰	۷,۸۰۰	صنعتی کاوه
۱,۲۰۰	۹۸/۰۹	۶,۵۰۰	۱.۵۰	۱۸۰	۲۱.۵	۶,۶۰۰	۶	۴۰	۷۲	۱۸۰	۳,۶۰۰	صنعتی کیمیا
۸,۲۰۰	۹۸/۱۲	۳۷,۳۰۰	۴.۴۰	۹۸۰	۶.۹	۳۷,۶۰۰	۹	۹۲	۹۰۲	۹۸۰	۱۲,۷۰۰	صنعتی مارگارین
۳,۳۰۰	۹۸/۱۲	۱۵,۲۰۰	۳.۴۰	۴۰۰	۱۳.۴	۱۵,۴۰۰	۱۲	۹۵	۳۸۰	۴۰۰	۶,۶۰۰	صنعتی نیرو
۶,۵۰۰	۹۸/۰۶	۲۸,۶۰۰	۲.۴۰	۷۶۰	۸.۷	۲۸,۹۰۰	۳	۳۳	۲۵۱	۷۶۰	۱۰,۲۰۰	صنعتی هپکو
۲,۱۰۰	۹۸/۱۲	۹,۹۰۰	۱.۴۰	۲۶۰	۱۶.۶	۱۰,۰۵۰	۹	۸۴	۲۱۸	۲۶۰	۵,۰۰۰	صنعتی ونیز
۵,۸۰۰	۹۸/۰۹	۲۶,۲۰۰	۴.۳۰	۶۹۰	۸.۸	۲۶,۵۰۰	۶	۳۹	۲۶۹	۶۹۰	۹,۷۰۰	ظرف گستر
۱,۹۰۰	۹۸/۱۲	۸,۸۰۰	۳.۳۰	۲۳۰	۱۸.۳	۸,۹۰۰	۹	۸۵	۱۹۶	۲۳۰	۴,۴۰۰	ظریف مصور
۸,۰۰۰	۹۸/۱۲	۳۶,۲۰۰	۲.۳۰	۹۶۰	۷.۱	۳۶,۵۰۰	۱۲	۹۶	۹۲۲	۹۶۰	۱۲,۵۰۰	عطر گل
۴,۳۰۰	۹۸/۰۶	۱۹,۳۰۰	۱.۳۰	۵۱۰	۱۰.۸	۱۹,۵۰۰	۳	۳۴	۱۷۳	۵۱۰	۸,۰۰۰	عقاب افشان
۲,۶۰۰	۹۸/۱۲	۱۲,۲۰۰	۴.۲۰	۳۳۰	۱۵.۰	۱۲,۴۰۰	۹	۸۶	۲۸۴	۳۳۰	۵,۶۰۰	غلتک سازان
۶,۹۰۰	۹۸/۰۹	۳۰,۷۰۰	۳.۲۰	۸۱۰	۸.۲	۳۱,۰۰۰	۶	۳۸	۳۰۸	۸۱۰	۱۰,۸۰۰	فرآورده های غذایی
۳,۹۰۰	۹۸/۱۲	۱۷,۵۰۰	۲.۲۰	۴۷۰	۱۱.۷	۱۷,۷۰۰	۹	۸۷	۴۰۹	۴۷۰	۷,۵۰۰	فرآورده های نسوز
۵,۵۰۰	۹۸/۱۲	۲۴,۳۰۰	۱.۲۰	۶۴۰	۹.۳	۲۴,۵۰۰	۱۲	۹۷	۶۲۱	۶۴۰	۹,۲۰۰	فرآوری معدنی
۱,۳۰۰	۹۸/۰۶	۶,۸۰۰	۴.۱۰	۱۹۰	۲۰.۸	۶,۹۰۰	۳	۳۵	۶۷	۱۹۰	۳,۷۰۰	فنرسازی زر
۸,۷۰۰	۹۸/۱۲	۳۹,۲۰۰	۳.۱۰	۱,۰۵۰	۶.۵	۳۹,۵۰۰	۹	۸۸	۹۲۴	۱,۰۵۰ ۱۳,۲۰۰	فنر سازی خاور
۳,۱۰۰	۹۸/۰۹	۱۴,۴۰۰	۲.۱۰	۳۸۰	۱۳.۶	۱۴,۶۰۰	۶	۳۷	۱۴۱	۳۸۰	۶,۳۰۰	فولاد آلیاژی
۶,۳۰۰	۹۸/۱۲	۳۰,۴۰۰	۱.۱۰	۸۰۰	۸.۳	۳۰,۷۰۰	۹	۸۹	۷۱۲	۸۰۰	۱۰,۶۰۰	فولاد امیرکبیر
۲,۹۰۰	۹۸/۱۲	۱۳,۴۰۰	۴.۰۰	۳۵۰	۱۴.۲	۱۳,۶۰۰	۱۲	۹۸	۳۴۳	۳۵۰	۶,۰۵۰	فولاد خراسان
۷,۵۰۰	۹۸/۰۶	۳۴,۵۰۰	۳.۰۰	۹۰۰	۷.۵	۳۴,۸۰۰	۳	۳۶	۳۲۴	۹۰۰	۱۱,۸۰۰	قطعات اتومبیل
۴,۶۰۰	۹۸/۱۲	۲۰,۶۰۰	۲.۰۰	۵۴۰	۱۰.۴	۲۰,۸۰۰	۹	۹۰	۴۸۶	۵۴۰	۸,۳۵۰	قند اصفهان
۱,۷۵۰	۹۸/۰۹	۸,۴۰۰	۱.۰۰	۲۳۰	۱۸.۵	۸,۵۰۰	۶	۳۶	۸۳	۲۳۰	۴,۲۵۰	قند ثابت
۹,۲۰۰	۹۸/۱۲	۴۱,۰۰۰	۴.۹۵	۱,۰۹۰	۶.۲	۴۱,۳۰۰	۹	۹۱	۹۹۲	۱,۰۹۰ ۱۳,۴۰۰	قند قهستان
۳,۴۵۰	۹۸/۱۲	۱۵,۸۰۰	۳.۹۵	۴۲۰	۱۲.۸	۱۶,۰۰۰	۱۲	۹۹	۴۱۶	۴۲۰	۶,۷۵۰	قند لرستان
۶,۰۰۰	۹۸/۰۶	۲۷,۰۰۰	۲.۹۵	۷۱۰	۸.۶	۲۷,۳۰۰	۳	۳۷	۲۶۳	۷۱۰	۹,۸۰۰	قند نیشابور
۲,۲۵۰	۹۸/۱۲	۱۰,۴۰۰	۱.۹۵	۲۸۰	۱۶.۴	۱۰,۵۰۰	۹	۸۷	۲۴۴	۲۸۰	۵,۰۵۰	کابل البرز
۶,۸۵۰	۹۸/۰۹	۳۱,۶۰۰	۴.۸۵	۸۳۰	۷.۸	۳۱,۹۰۰	۶	۳۵	۲۹۱	۸۳۰	۱۰,۹۵۰	کابل باختر
۴,۱۵۰	۹۸/۱۲	۱۸,۴۰۰	۳.۸۵	۴۹۰	۱۱.۵	۱۸,۶۰۰	۹	۸۸	۴۳۱	۴۹۰	۷,۷۵۰	کارتن ایران
۱,۵۵۰	۹۸/۱۲	۷,۵۰۰	۲.۸۵	۲۰۰	۱۹.۴	۷,۶۰۰	۱۲	۹۹	۱۹۸	۲۰۰	۳,۹۵۰	کارخانجات داروپخش
۸,۳۵۰	۹۸/۰۶	۳۸,۲۰۰	۱.۸۵	۱,۰۰۰	۶.۷	۳۸,۵۰۰	۳	۳۸	۳۸۰	۱,۰۰۰ ۱۲,۹۵۰	کاشی پارس
۳,۷۵۰	۹۸/۱۲	۱۶,۹۰۰	۴.۷۵	۴۵۰	۱۲.۴	۱۷,۱۰۰	۹	۸۹	۴۰۰	۴۵۰	۷,۲۵۰	کاشی تکسرام
۵,۲۵۰	۹۸/۰۹	۲۳,۴۰۰	۳.۷۵	۶۲۰	۹.۸	۲۳,۶۰۰	۶	۳۴	۲۱۱	۶۲۰	۹,۰۵۰	کاشی حافظ
۲,۴۵۰	۹۸/۱۲	۱۱,۲۰۰	۲.۷۵	۲۹۰	۱۵.۴	۱۱,۳۰۰	۹	۹۰	۲۶۱	۲۹۰	۵,۲۵۰	کاشی نیلو
۷,۱۵۰	۹۸/۱۲	۳۳,۰۰۰	۱.۷۵	۸۷۰	۷.۷	۳۳,۳۰۰	۱۲	۹۸	۸۵۳	۸۷۰	۱۱,۳۵۰	کالسیمین
۴,۹۵۰	۹۸/۰۶	۲۲,۰۰۰	۴.۶۵	۵۸۰	۱۰.۱	۲۲,۲۰۰	۳	۳۹	۲۲۶	۵۸۰	۸,۵۵۰	کربن ایران
۱,۳۵۰	۹۸/۱۲	۶,۹۰۰	۳.۶۵	۱۸۰	۲۱.۳	۷,۰۰۰	۹	۸۶	۱۵۵	۱۸۰	۳,۶۵۰	کشت و دام
۹,۴۵۰	۹۸/۰۹	۴۱,۵۰۰	۲.۶۵	۱,۱۰۰	۶.۰	۴۱,۸۰۰	۶	۳۳	۳۶۳	۱,۱۰۰ ۱۳,۶۰۰	کمباین سازی
۳,۲۵۰	۹۸/۱۲	۱۴,۷۰۰	۱.۶۵	۳۹۰	۱۳.۳	۱۴,۹۰۰	۹	۹۱	۳۵۵	۳۹۰	۶,۴۵۰	کنتور سازی
۵,۷۵۰	۹۸/۱۲	۲۵,۵۰۰	۴.۵۵	۶۷۰	۹.۱	۲۵,۸۰۰	۱۲	۹۷	۶۵۰	۶۷۰	۹,۵۵۰	گروه صنعتی بارز
۲,۷۵۰	۹۸/۰۶	۱۲,۹۰۰	۳.۵۵	۳۴۰	۱۴.۴	۱۳,۱۰۰	۳	۴۰	۱۳۶	۳۴۰	۵,۷۵۰	گسترش نفت
۶,۶۵۰	۹۸/۱۲	۳۰,۰۰۰	۲.۵۵	۸۰۰	۸.۰	۳۰,۳۰۰	۹	۸۵	۶۸۰	۸۰۰	۱۰,۴۵۰	لبنیات پاستوریزه
۴,۴۵۰	۹۸/۰۹	۱۹,۸۰۰	۱.۵۵	۵۲۰	۱۰.۶	۲۰,۰۰۰	۶	۳۲	۱۶۶	۵۲۰	۷,۹۵۰	لوازم خانگی پارس
۱,۶۵۰	۹۸/۱۲	۷,۹۰۰	۴.۴۵	۲۰۰	۱۹.۲	۸,۰۰۰	۹	۸۴	۱۶۸	۲۰۰	۴,۱۵۰	لوله و ماشین
۹,۰۵۰	۹۸/۱۲	۳۹,۶۰۰	۳.۴۵	۱,۰۶۰	۶.۴	۳۹,۹۰۰	۱۲	۹۶	۱,۰۱۸	۱,۰۶۰ ۱۳,۲۵۰	ماشین سازی اراک
